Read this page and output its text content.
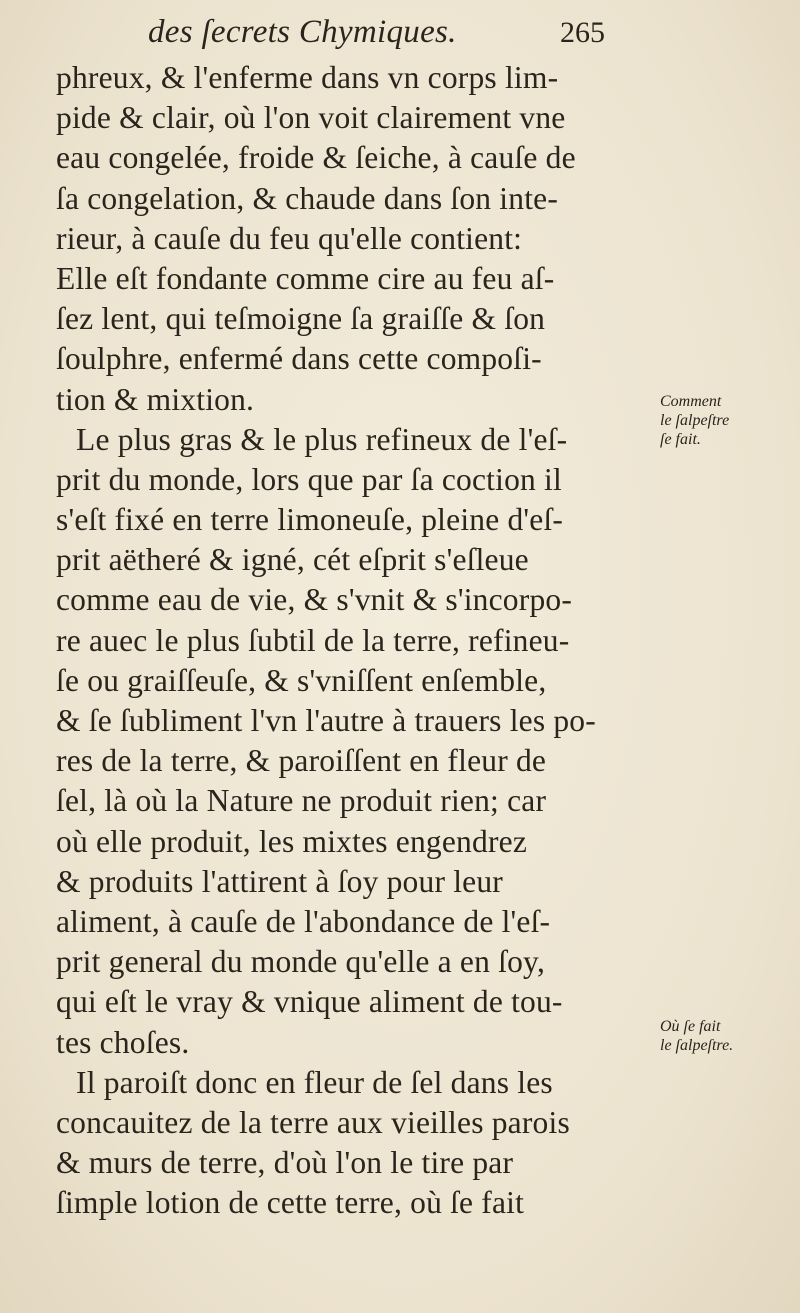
des ſecrets Chymiques.	265
phreux, & l'enferme dans vn corps lim-
pide & clair, où l'on voit clairement vne
eau congelée, froide & ſeiche, à cauſe de
ſa congelation, & chaude dans ſon inte-
rieur, à cauſe du feu qu'elle contient:
Elle eſt fondante comme cire au feu aſ-
ſez lent, qui teſmoigne ſa graiſſe & ſon
ſoulphre, enfermé dans cette compoſi-
tion & mixtion.
Le plus gras & le plus refineux de l'eſ-
prit du monde, lors que par ſa coction il
s'eſt fixé en terre limoneuſe, pleine d'eſ-
prit aëtheré & igné, cét eſprit s'eſleue
comme eau de vie, & s'vnit & s'incorpo-
re auec le plus ſubtil de la terre, refineu-
ſe ou graiſſeuſe, & s'vniſſent enſemble,
& ſe ſubliment l'vn l'autre à trauers les po-
res de la terre, & paroiſſent en fleur de
ſel, là où la Nature ne produit rien; car
où elle produit, les mixtes engendrez
& produits l'attirent à ſoy pour leur
aliment, à cauſe de l'abondance de l'eſ-
prit general du monde qu'elle a en ſoy,
qui eſt le vray & vnique aliment de tou-
tes choſes.
Il paroiſt donc en fleur de ſel dans les
concauitez de la terre aux vieilles parois
& murs de terre, d'où l'on le tire par
ſimple lotion de cette terre, où ſe fait
Comment
le ſalpeſtre
ſe fait.
Où ſe fait
le ſalpeſtre.
